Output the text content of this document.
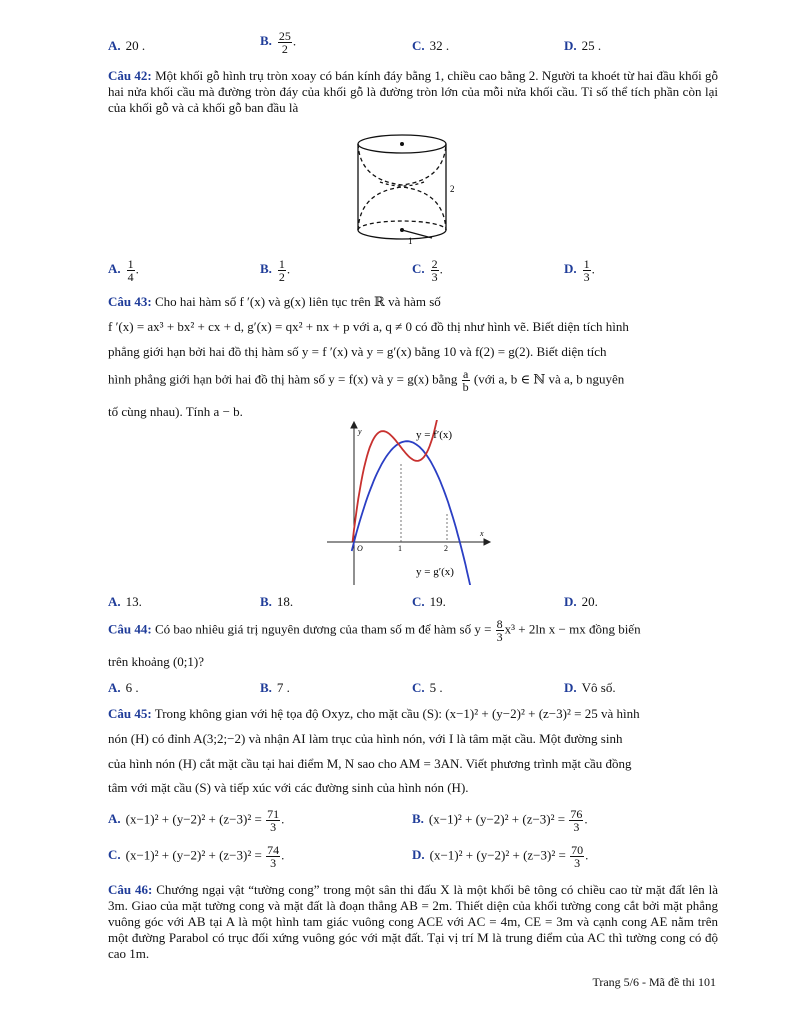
A. 20 .	B. $\frac{25}{2}$ .	C. 32 .	D. 25 .
Câu 42: Một khối gỗ hình trụ tròn xoay có bán kính đáy bằng 1, chiều cao bằng 2. Người ta khoét từ hai đầu khối gỗ hai nửa khối cầu mà đường tròn đáy của khối gỗ là đường tròn lớn của mỗi nửa khối cầu. Tỉ số thể tích phần còn lại của khối gỗ và cả khối gỗ ban đầu là
2
1
A. $\frac{1}{4}$ .	B. $\frac{1}{2}$ .	C. $\frac{2}{3}$ .	D. $\frac{1}{3}$ .
Câu 43: Cho hai hàm số f ′(x) và g(x) liên tục trên ℝ và hàm số
f ′(x) = ax³ + bx² + cx + d, g′(x) = qx² + nx + p với a, q ≠ 0 có đồ thị như hình vẽ. Biết diện tích hình
phẳng giới hạn bởi hai đồ thị hàm số y = f ′(x) và y = g′(x) bằng 10 và f(2) = g(2). Biết diện tích
hình phẳng giới hạn bởi hai đồ thị hàm số y = f(x) và y = g(x) bằng $\frac{a}{b}$ (với a, b ∈ ℕ và a, b nguyên
tố cùng nhau). Tính a − b.
y
x
O	1	2
y = f′(x)
y = g′(x)
A. 13.	B. 18.	C. 19.	D. 20.
Câu 44: Có bao nhiêu giá trị nguyên dương của tham số m để hàm số $y = \frac{8}{3} x^3 + 2\ln$ x − mx đồng biến
trên khoảng (0;1)?
A. 6 .	B. 7 .	C. 5 .	D. Vô số.
Câu 45: Trong không gian với hệ tọa độ Oxyz, cho mặt cầu (S): (x−1)² + (y−2)² + (z−3)² = 25 và hình
nón (H) có đỉnh A(3;2;−2) và nhận AI làm trục của hình nón, với I là tâm mặt cầu. Một đường sinh
của hình nón (H) cắt mặt cầu tại hai điểm M, N sao cho AM = 3AN. Viết phương trình mặt cầu đồng
tâm với mặt cầu (S) và tiếp xúc với các đường sinh của hình nón (H).
A. $(x-1)^2 + (y-2)^2 + (z-3)^2 = \frac{71}{3}$ .	B. $(x-1)^2 + (y-2)^2 + (z-3)^2 = \frac{76}{3}$ .
C. $(x-1)^2 + (y-2)^2 + (z-3)^2 = \frac{74}{3}$ .	D. $(x-1)^2 + (y-2)^2 + (z-3)^2 = \frac{70}{3}$ .
Câu 46: Chướng ngại vật “tường cong” trong một sân thi đấu X là một khối bê tông có chiều cao từ mặt đất lên là 3m. Giao của mặt tường cong và mặt đất là đoạn thẳng AB = 2m. Thiết diện của khối tường cong cắt bởi mặt phẳng vuông góc với AB tại A là một hình tam giác vuông cong ACE với AC = 4m, CE = 3m và cạnh cong AE nằm trên một đường Parabol có trục đối xứng vuông góc với mặt đất. Tại vị trí M là trung điểm của AC thì tường cong có độ cao 1m.
Trang 5/6 - Mã đề thi 101
